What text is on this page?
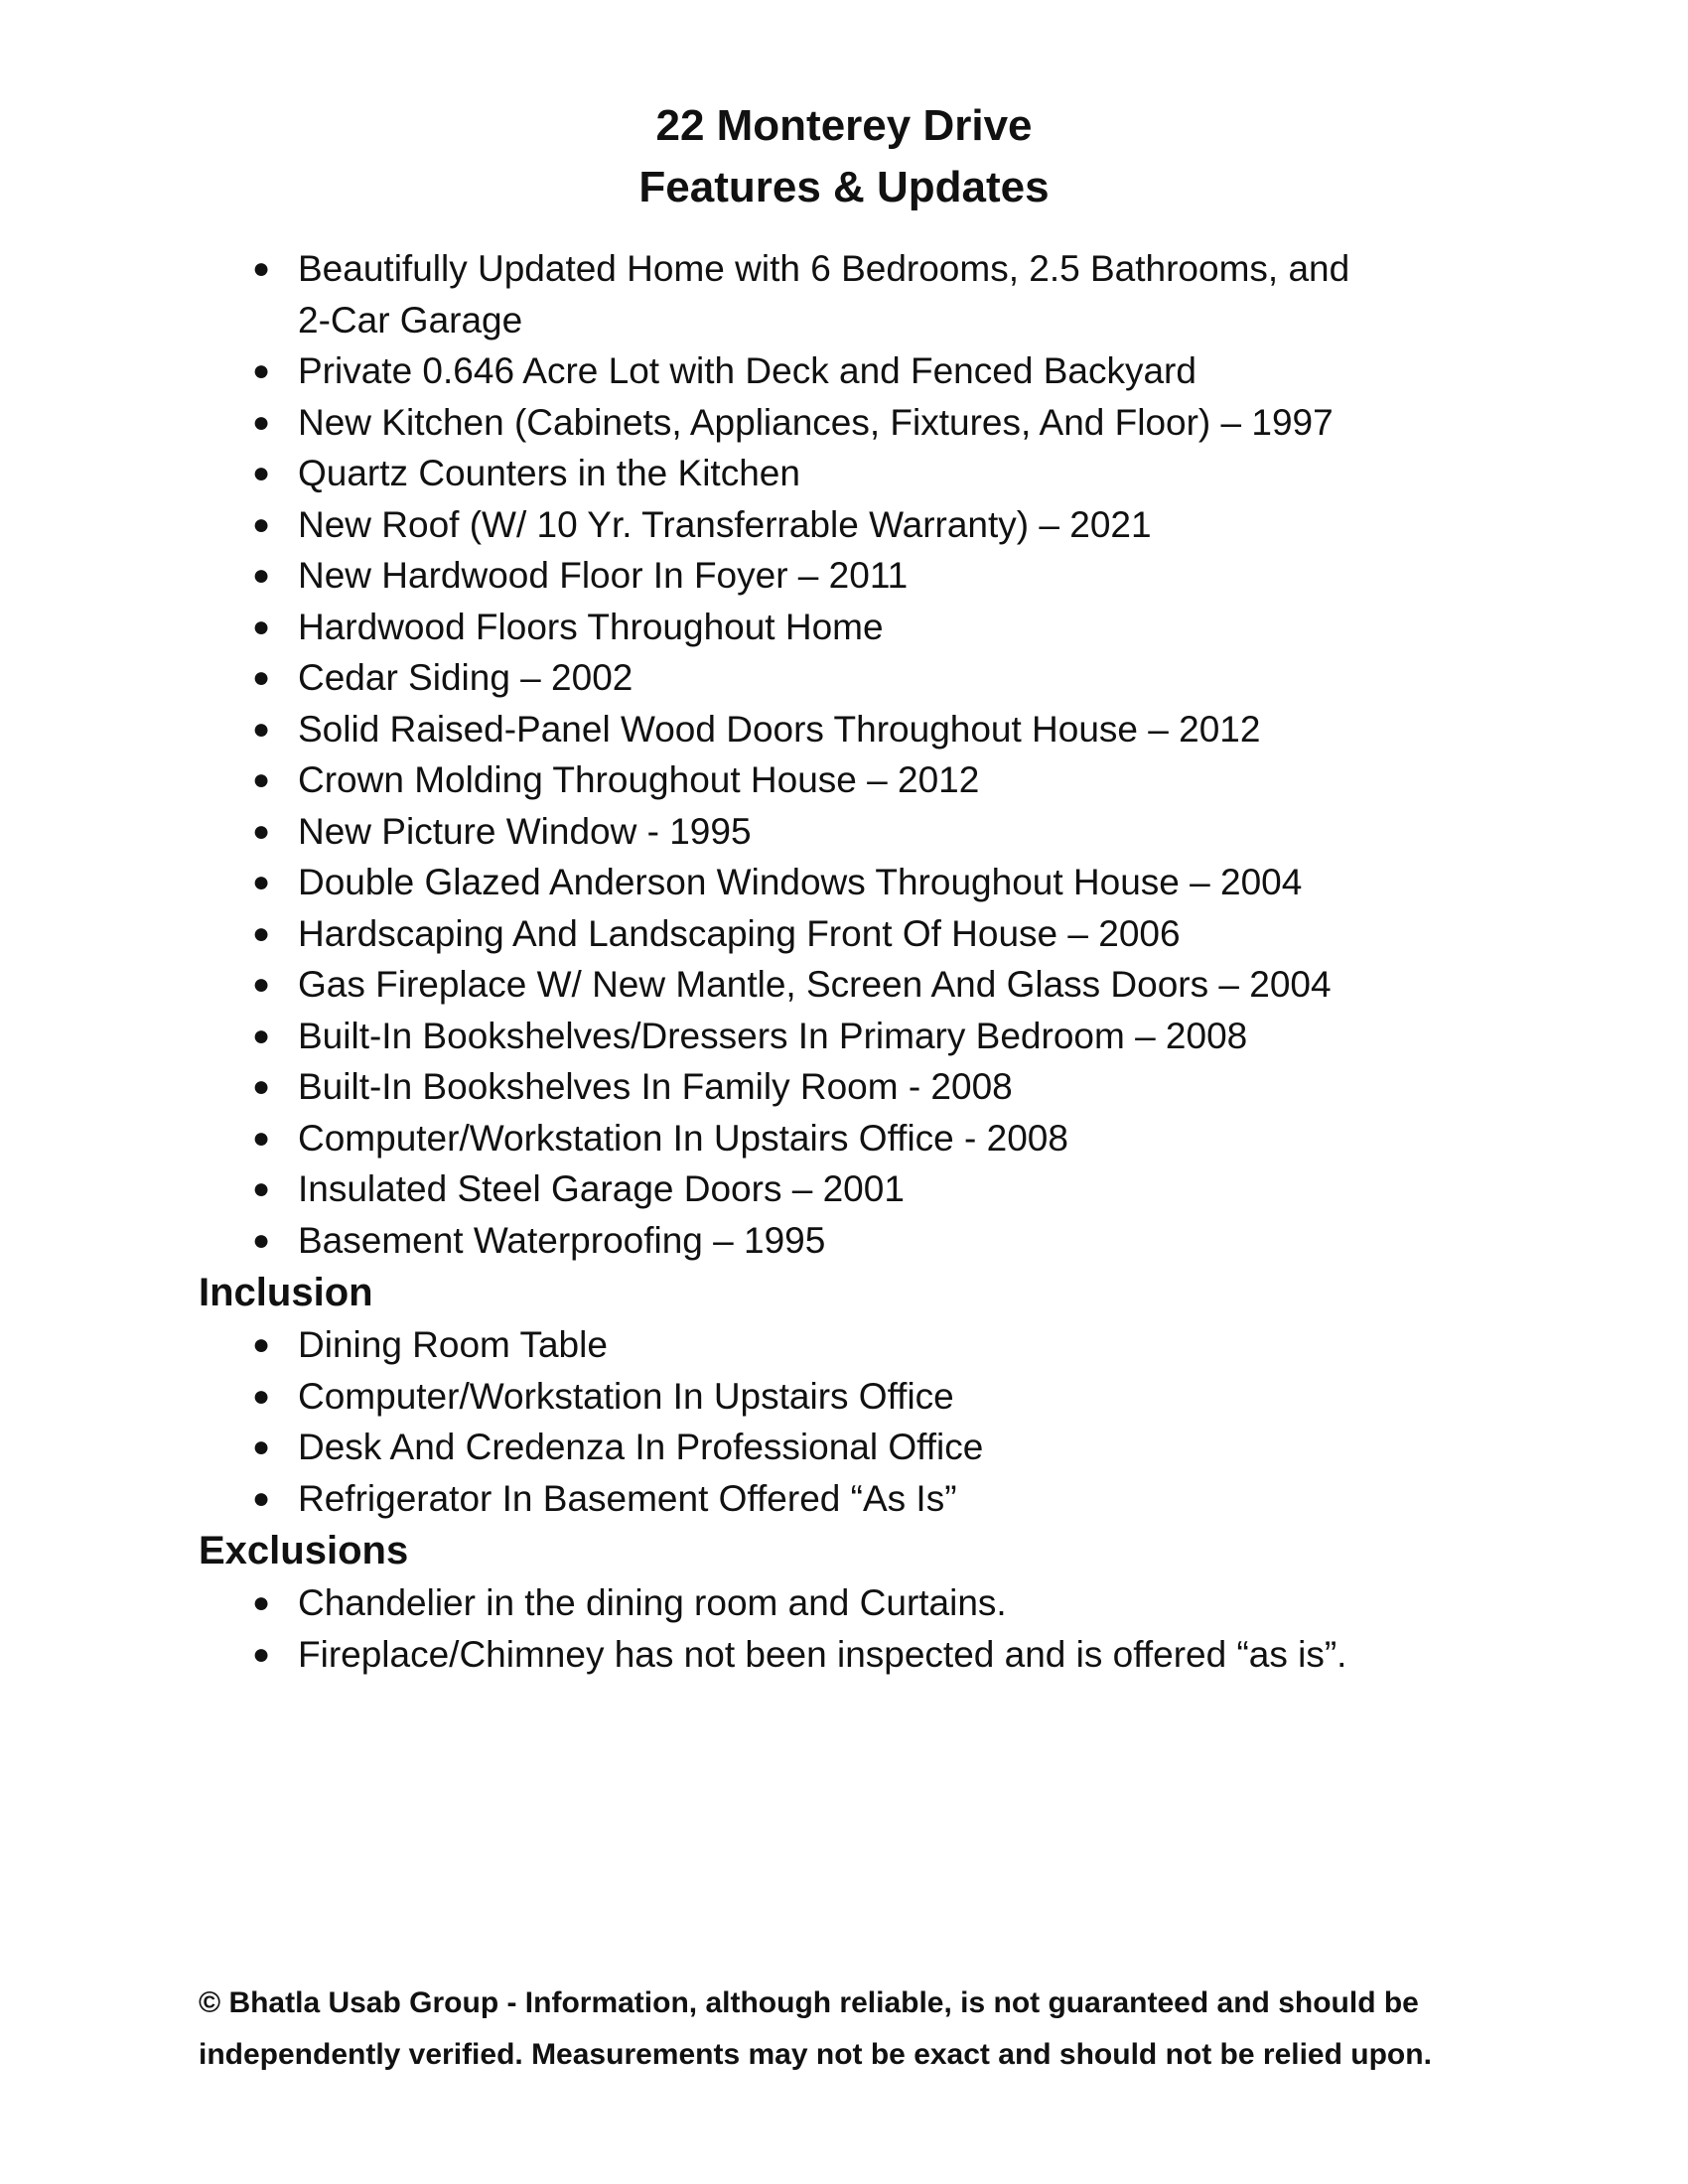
22 Monterey Drive
Features & Updates
● Beautifully Updated Home with 6 Bedrooms, 2.5 Bathrooms, and 2-Car Garage
● Private 0.646 Acre Lot with Deck and Fenced Backyard
● New Kitchen (Cabinets, Appliances, Fixtures, And Floor) – 1997
● Quartz Counters in the Kitchen
● New Roof (W/ 10 Yr. Transferrable Warranty) – 2021
● New Hardwood Floor In Foyer – 2011
● Hardwood Floors Throughout Home
● Cedar Siding – 2002
● Solid Raised-Panel Wood Doors Throughout House – 2012
● Crown Molding Throughout House – 2012
● New Picture Window - 1995
● Double Glazed Anderson Windows Throughout House – 2004
● Hardscaping And Landscaping Front Of House – 2006
● Gas Fireplace W/ New Mantle, Screen And Glass Doors – 2004
● Built-In Bookshelves/Dressers In Primary Bedroom – 2008
● Built-In Bookshelves In Family Room - 2008
● Computer/Workstation In Upstairs Office - 2008
● Insulated Steel Garage Doors – 2001
● Basement Waterproofing – 1995
Inclusion
● Dining Room Table
● Computer/Workstation In Upstairs Office
● Desk And Credenza In Professional Office
● Refrigerator In Basement Offered “As Is”
Exclusions
● Chandelier in the dining room and Curtains.
● Fireplace/Chimney has not been inspected and is offered “as is”.
© Bhatla Usab Group - Information, although reliable, is not guaranteed and should be
independently verified. Measurements may not be exact and should not be relied upon.
